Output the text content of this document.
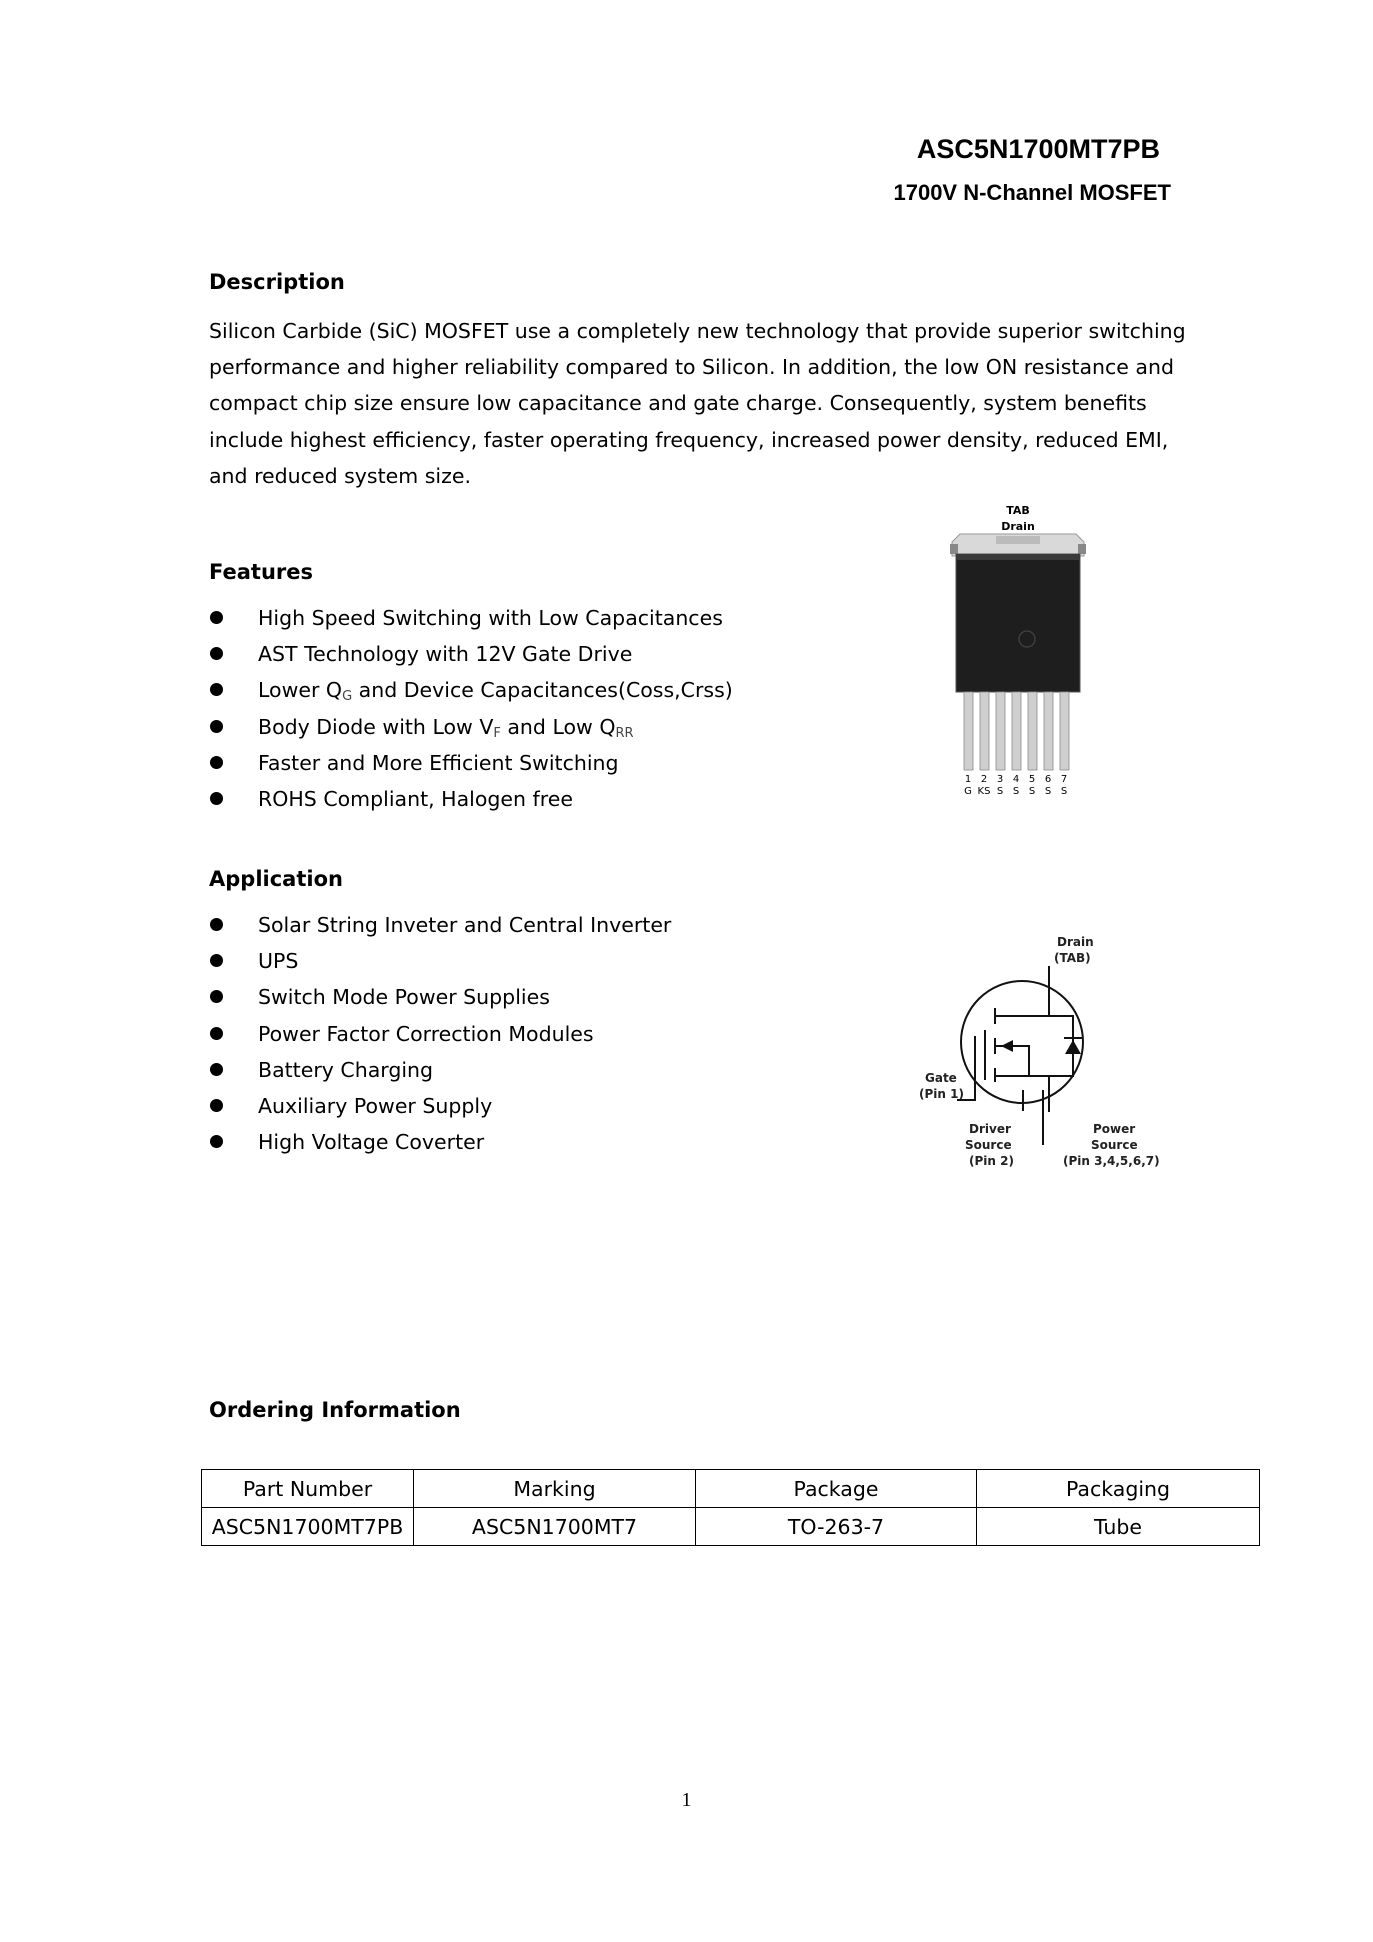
ASC5N1700MT7PB
1700V N-Channel MOSFET
Description

Silicon Carbide (SiC) MOSFET use a completely new technology that provide superior switching performance and higher reliability compared to Silicon. In addition, the low ON resistance and compact chip size ensure low capacitance and gate charge. Consequently, system benefits include highest efficiency, faster operating frequency, increased power density, reduced EMI, and reduced system size.

Features
High Speed Switching with Low Capacitances
AST Technology with 12V Gate Drive
Lower $Q_G$ and Device Capacitances(Coss,Crss)
Body Diode with Low $V_F$ and Low $Q_{RR}$
Faster and More Efficient Switching
ROHS Compliant, Halogen free
Application
Solar String Inveter and Central Inverter
UPS
Switch Mode Power Supplies
Power Factor Correction Modules
Battery Charging
Auxiliary Power Supply
High Voltage Coverter
TAB
Drain
1 2 3 4 5 6 7
G KS S S S S S
Drain
(TAB)
Gate
(Pin 1)
Driver
Source
(Pin 2)
Power
Source
(Pin 3,4,5,6,7)
Ordering Information
Part Number	Marking	Package	Packaging
ASC5N1700MT7PB	ASC5N1700MT7	TO-263-7	Tube
1
